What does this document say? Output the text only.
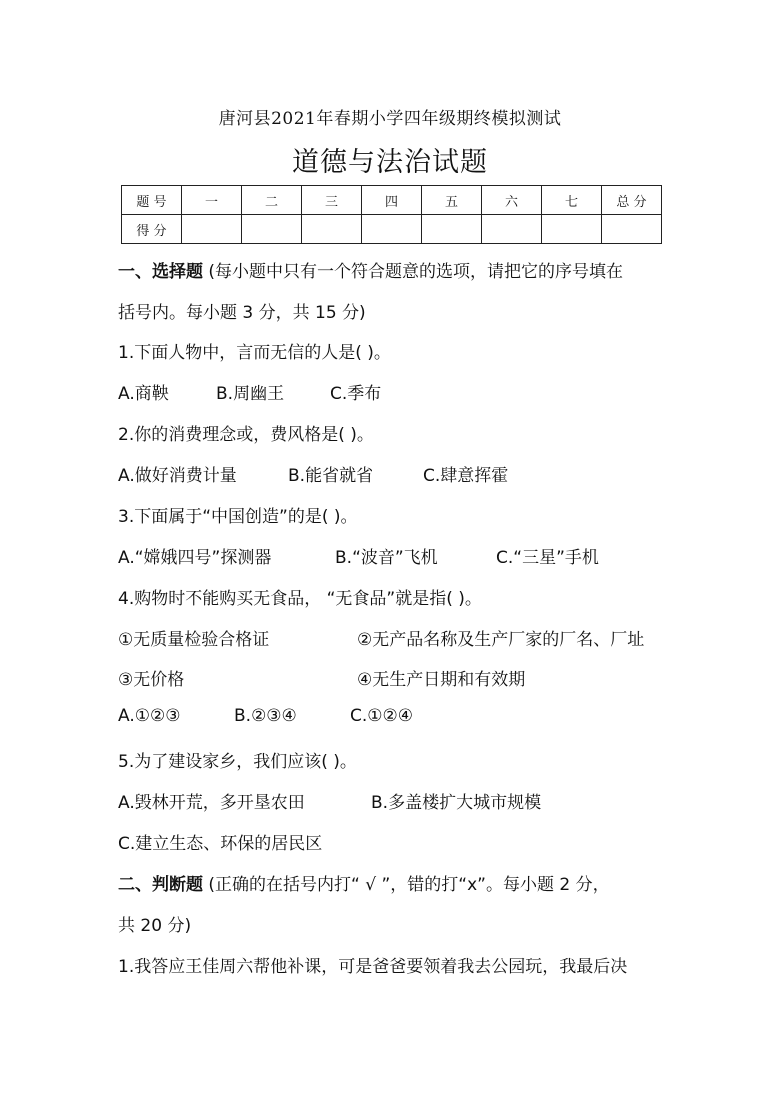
唐河县2021年春期小学四年级期终模拟测试
道德与法治试题
题 号	一	二	三	四	五	六	七	总 分
得 分								
一、选择题 (每小题中只有一个符合题意的选项，请把它的序号填在
括号内。每小题 3 分，共 15 分)
1.下面人物中，言而无信的人是( )。
A.商鞅	B.周幽王	C.季布
2.你的消费理念或，费风格是( )。
A.做好消费计量	B.能省就省	C.肆意挥霍
3.下面属于“中国创造”的是( )。
A.“嫦娥四号”探测器	B.“波音”飞机	C.“三星”手机
4.购物时不能购买无食品， “无食品”就是指( )。
①无质量检验合格证	②无产品名称及生产厂家的厂名、厂址
③无价格	④无生产日期和有效期
A.①②③	B.②③④	C.①②④
5.为了建设家乡，我们应该( )。
A.毁林开荒，多开垦农田	B.多盖楼扩大城市规模
C.建立生态、环保的居民区
二、判断题 (正确的在括号内打“ √ ”，错的打“x”。每小题 2 分，
共 20 分)
1.我答应王佳周六帮他补课，可是爸爸要领着我去公园玩，我最后决
